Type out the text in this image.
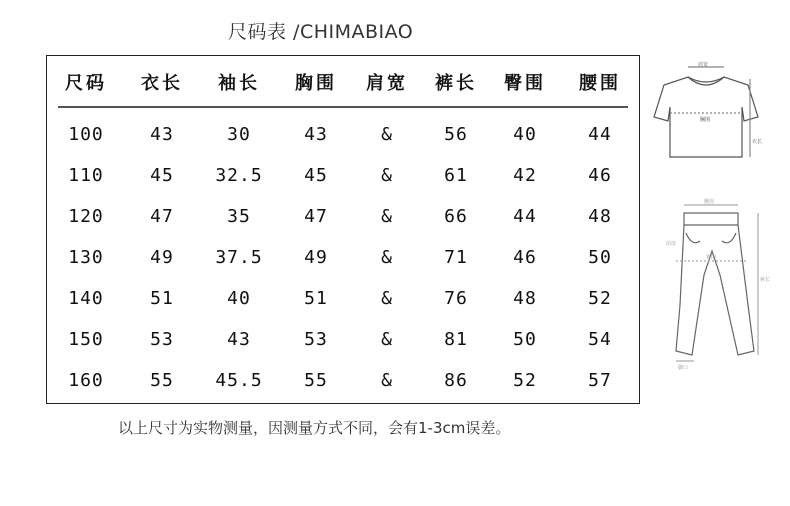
尺码表 /CHIMABIAO
尺码	衣长	袖长	胸围	肩宽	裤长	臀围	腰围
100	43	30	43	&	56	40	44
110	45	32.5	45	&	61	42	46
120	47	35	47	&	66	44	48
130	49	37.5	49	&	71	46	50
140	51	40	51	&	76	48	52
150	53	43	53	&	81	50	54
160	55	45.5	55	&	86	52	57
以上尺寸为实物测量，因测量方式不同，会有1-3cm误差。
肩宽
胸围
衣长
腰围
臀围
裤长
前浪
脚口
